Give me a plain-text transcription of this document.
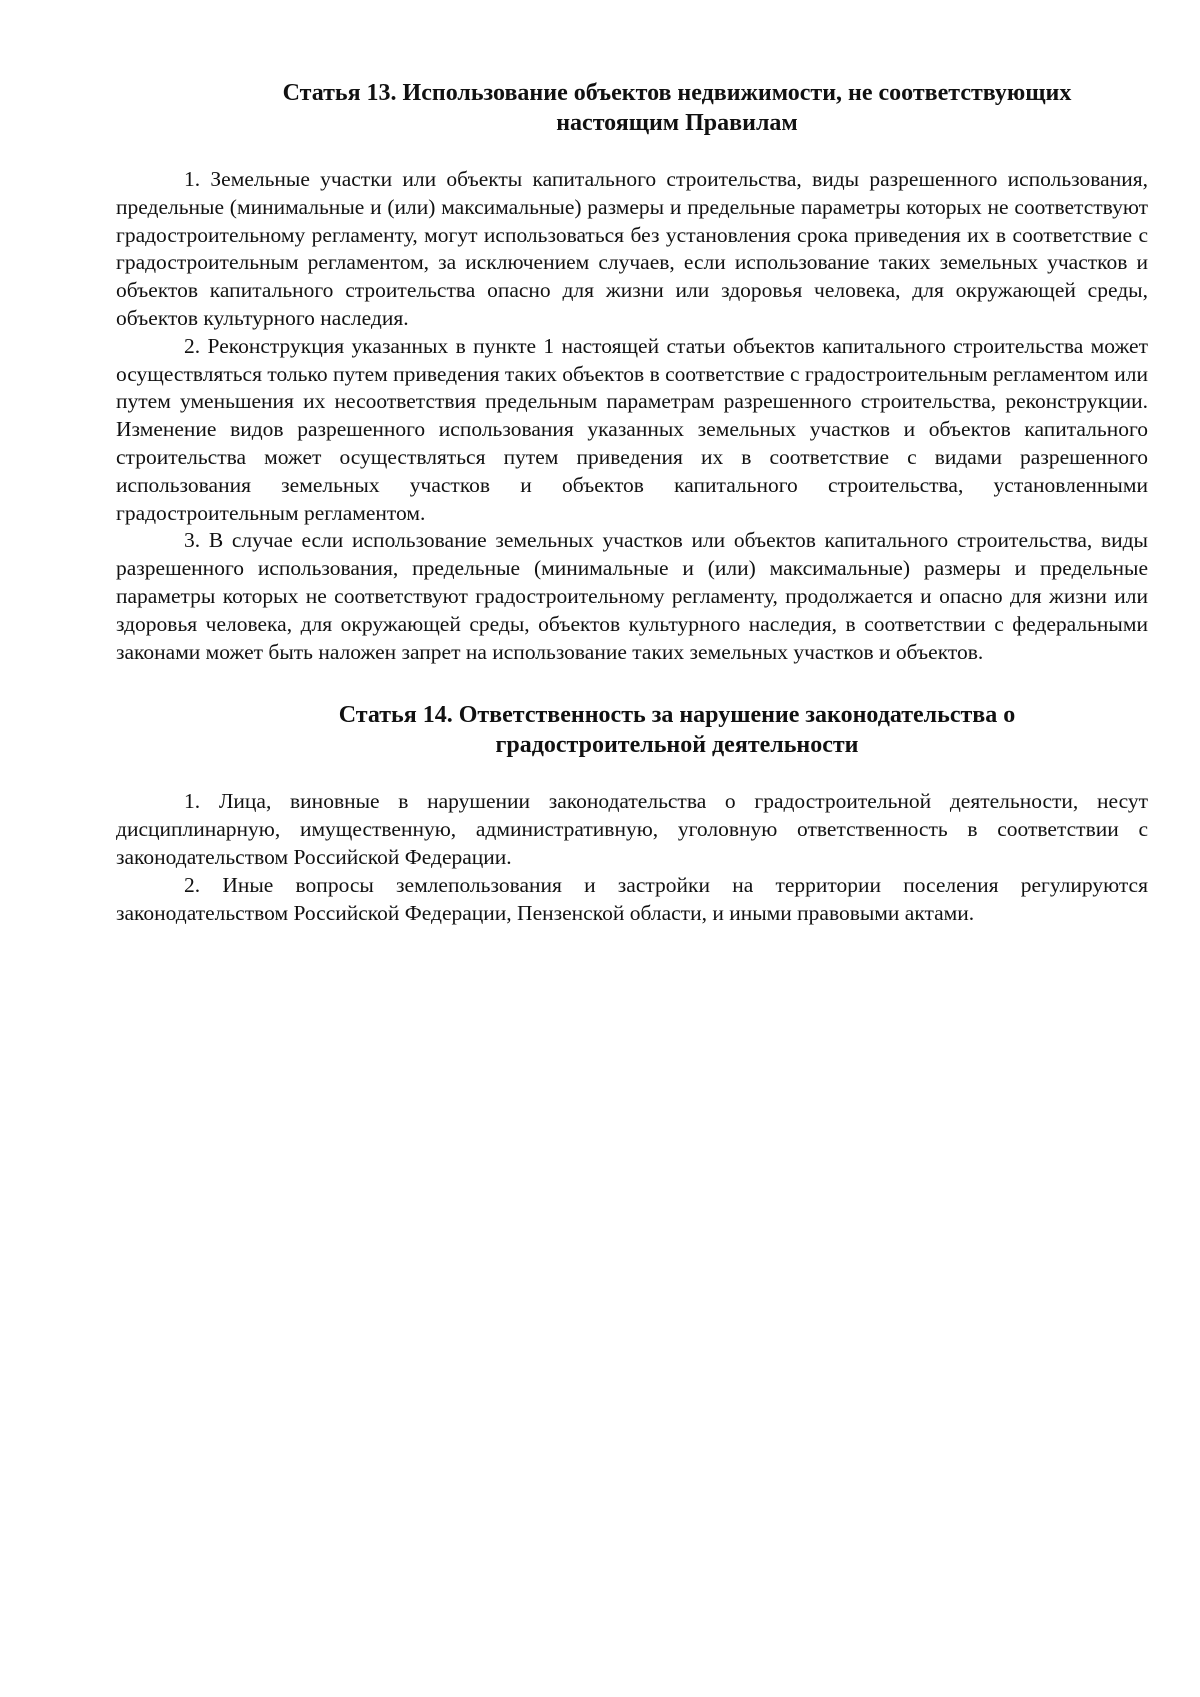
Статья 13. Использование объектов недвижимости, не соответствующих
настоящим Правилам

1. Земельные участки или объекты капитального строительства, виды разрешенного использования, предельные (минимальные и (или) максимальные) размеры и предельные параметры которых не соответствуют градостроительному регламенту, могут использоваться без установления срока приведения их в соответствие с градостроительным регламентом, за исключением случаев, если использование таких земельных участков и объектов капитального строительства опасно для жизни или здоровья человека, для окружающей среды, объектов культурного наследия.

2. Реконструкция указанных в пункте 1 настоящей статьи объектов капитального строительства может осуществляться только путем приведения таких объектов в соответствие с градостроительным регламентом или путем уменьшения их несоответствия предельным параметрам разрешенного строительства, реконструкции. Изменение видов разрешенного использования указанных земельных участков и объектов капитального строительства может осуществляться путем приведения их в соответствие с видами разрешенного использования земельных участков и объектов капитального строительства, установленными градостроительным регламентом.

3. В случае если использование земельных участков или объектов капитального строительства, виды разрешенного использования, предельные (минимальные и (или) максимальные) размеры и предельные параметры которых не соответствуют градостроительному регламенту, продолжается и опасно для жизни или здоровья человека, для окружающей среды, объектов культурного наследия, в соответствии с федеральными законами может быть наложен запрет на использование таких земельных участков и объектов.

Статья 14. Ответственность за нарушение законодательства о
градостроительной деятельности

1. Лица, виновные в нарушении законодательства о градостроительной деятельности, несут дисциплинарную, имущественную, административную, уголовную ответственность в соответствии с законодательством Российской Федерации.

2. Иные вопросы землепользования и застройки на территории поселения регулируются законодательством Российской Федерации, Пензенской области, и иными правовыми актами.
